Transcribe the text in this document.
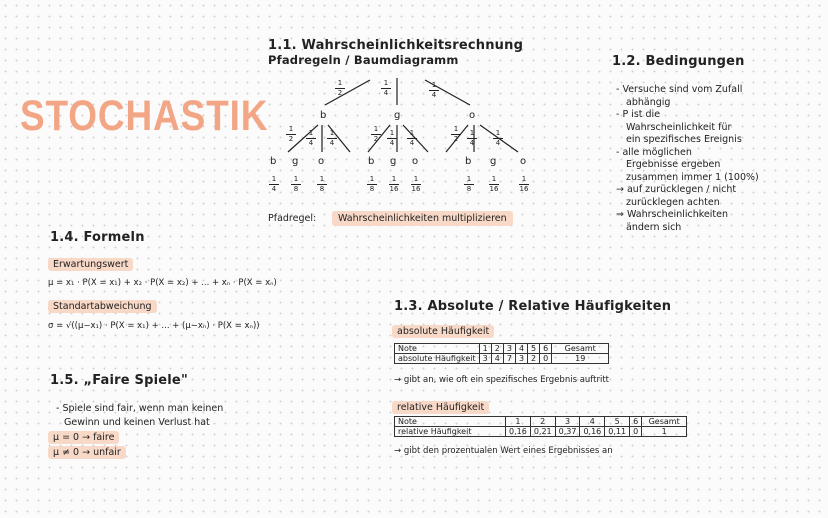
STOCHASTIK
1.1. Wahrscheinlichkeitsrechnung
Pfadregeln / Baumdiagramm
1
2
1
4
1
4
b	g	o
1
2
1
4
1
4
1
2
1
4
1
4
1
2
1
4
1
4
b g o	b g o	b g o
1
4
1
8
1
8
1
8
1
16
1
16
1
8
1
16
1
16
Pfadregel:	Wahrscheinlichkeiten multiplizieren
1.2. Bedingungen
- Versuche sind vom Zufall
abhängig
- P ist die
Wahrscheinlichkeit für
ein spezifisches Ereignis
- alle möglichen
Ergebnisse ergeben
zusammen immer 1 (100%)
→ auf zurücklegen / nicht
zurücklegen achten
⇒ Wahrscheinlichkeiten
ändern sich
1.4. Formeln
Erwartungswert
μ = x₁ · P(X = x₁) + x₂ · P(X = x₂) + ... + xₙ · P(X = xₙ)
Standartabweichung
σ = √((μ−x₁) · P(X = x₁) + ... + (μ−xₙ) · P(X = xₙ))
1.5. „Faire Spiele"
- Spiele sind fair, wenn man keinen
Gewinn und keinen Verlust hat
μ = 0 → faire
μ ≠ 0 → unfair
1.3. Absolute / Relative Häufigkeiten
absolute Häufigkeit
Note	1	2	3	4	5	6	Gesamt
absolute Häufigkeit	3	4	7	3	2	0	19
→ gibt an, wie oft ein spezifisches Ergebnis auftritt
relative Häufigkeit
Note	1	2	3	4	5	6	Gesamt
relative Häufigkeit	0,16	0,21	0,37	0,16	0,11	0	1
→ gibt den prozentualen Wert eines Ergebnisses an
